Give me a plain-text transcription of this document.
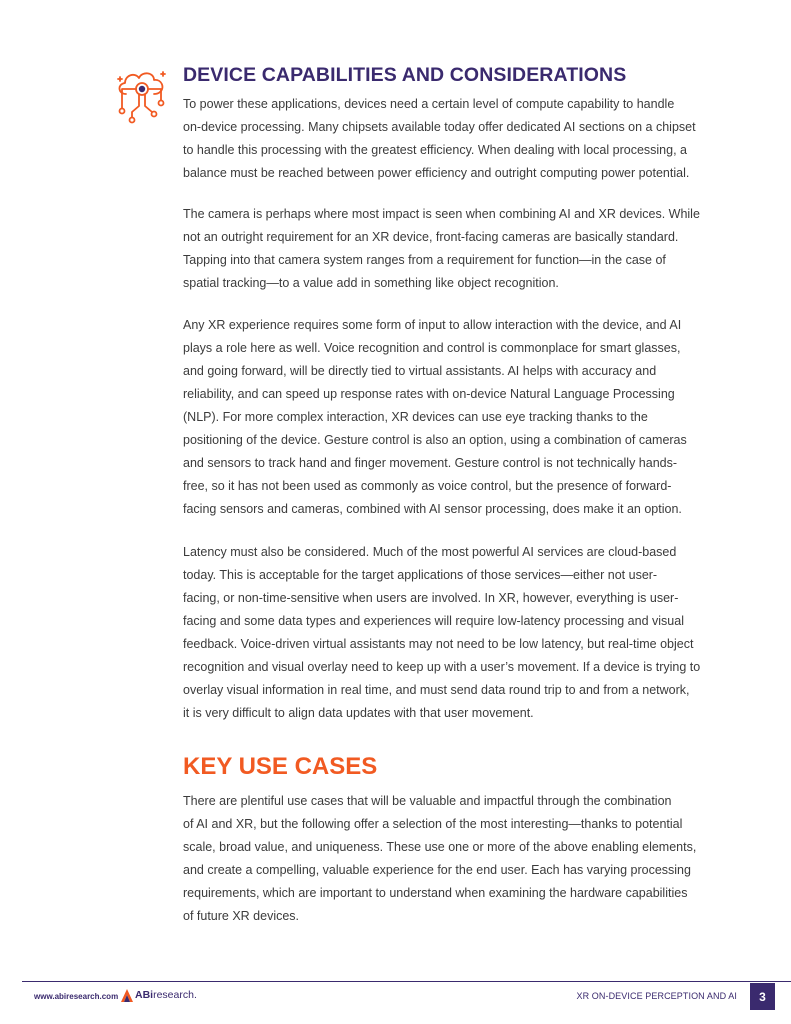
DEVICE CAPABILITIES AND CONSIDERATIONS

To power these applications, devices need a certain level of compute capability to handle
on-device processing. Many chipsets available today offer dedicated AI sections on a chipset
to handle this processing with the greatest efficiency. When dealing with local processing, a
balance must be reached between power efficiency and outright computing power potential.

The camera is perhaps where most impact is seen when combining AI and XR devices. While
not an outright requirement for an XR device, front-facing cameras are basically standard.
Tapping into that camera system ranges from a requirement for function—in the case of
spatial tracking—to a value add in something like object recognition.

Any XR experience requires some form of input to allow interaction with the device, and AI
plays a role here as well. Voice recognition and control is commonplace for smart glasses,
and going forward, will be directly tied to virtual assistants. AI helps with accuracy and
reliability, and can speed up response rates with on-device Natural Language Processing
(NLP). For more complex interaction, XR devices can use eye tracking thanks to the
positioning of the device. Gesture control is also an option, using a combination of cameras
and sensors to track hand and finger movement. Gesture control is not technically hands-
free, so it has not been used as commonly as voice control, but the presence of forward-
facing sensors and cameras, combined with AI sensor processing, does make it an option.

Latency must also be considered. Much of the most powerful AI services are cloud-based
today. This is acceptable for the target applications of those services—either not user-
facing, or non-time-sensitive when users are involved. In XR, however, everything is user-
facing and some data types and experiences will require low-latency processing and visual
feedback. Voice-driven virtual assistants may not need to be low latency, but real-time object
recognition and visual overlay need to keep up with a user’s movement. If a device is trying to
overlay visual information in real time, and must send data round trip to and from a network,
it is very difficult to align data updates with that user movement.

KEY USE CASES

There are plentiful use cases that will be valuable and impactful through the combination
of AI and XR, but the following offer a selection of the most interesting—thanks to potential
scale, broad value, and uniqueness. These use one or more of the above enabling elements,
and create a compelling, valuable experience for the end user. Each has varying processing
requirements, which are important to understand when examining the hardware capabilities
of future XR devices.

www.abiresearch.com ABiresearch.	XR ON-DEVICE PERCEPTION AND AI	3
